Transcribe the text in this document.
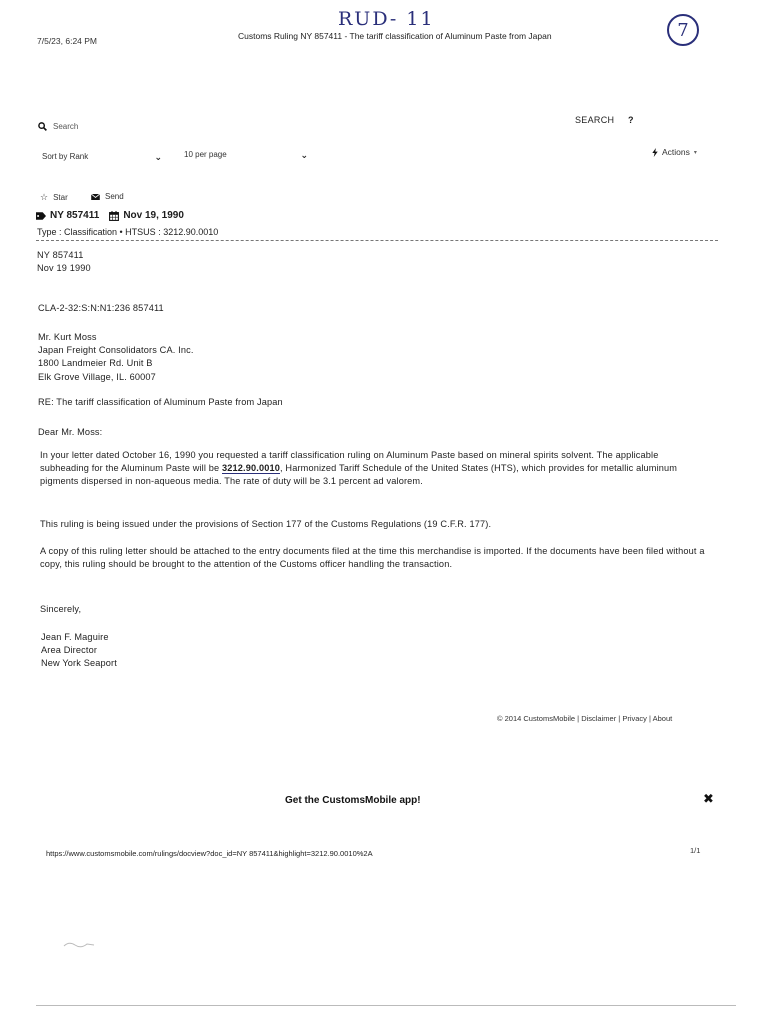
RUD- 11	7
7/5/23, 6:24 PM	Customs Ruling NY 857411 - The tariff classification of Aluminum Paste from Japan
Search
SEARCH ?
Sort by Rank	⌄	10 per page	⌄	Actions ▾
☆ Star	Send
NY 857411 Nov 19, 1990
Type : Classification • HTSUS : 3212.90.0010
NY 857411
Nov 19 1990
CLA-2-32:S:N:N1:236 857411
Mr. Kurt Moss
Japan Freight Consolidators CA. Inc.
1800 Landmeier Rd. Unit B
Elk Grove Village, IL. 60007
RE: The tariff classification of Aluminum Paste from Japan
Dear Mr. Moss:
In your letter dated October 16, 1990 you requested a tariff classification ruling on Aluminum Paste based on mineral spirits solvent. The applicable subheading for the Aluminum Paste will be 3212.90.0010, Harmonized Tariff Schedule of the United States (HTS), which provides for metallic aluminum pigments dispersed in non-aqueous media. The rate of duty will be 3.1 percent ad valorem.
This ruling is being issued under the provisions of Section 177 of the Customs Regulations (19 C.F.R. 177).
A copy of this ruling letter should be attached to the entry documents filed at the time this merchandise is imported. If the documents have been filed without a copy, this ruling should be brought to the attention of the Customs officer handling the transaction.
Sincerely,
Jean F. Maguire
Area Director
New York Seaport
© 2014 CustomsMobile | Disclaimer | Privacy | About
Get the CustomsMobile app!	✖
https://www.customsmobile.com/rulings/docview?doc_id=NY 857411&highlight=3212.90.0010%2A	1/1
